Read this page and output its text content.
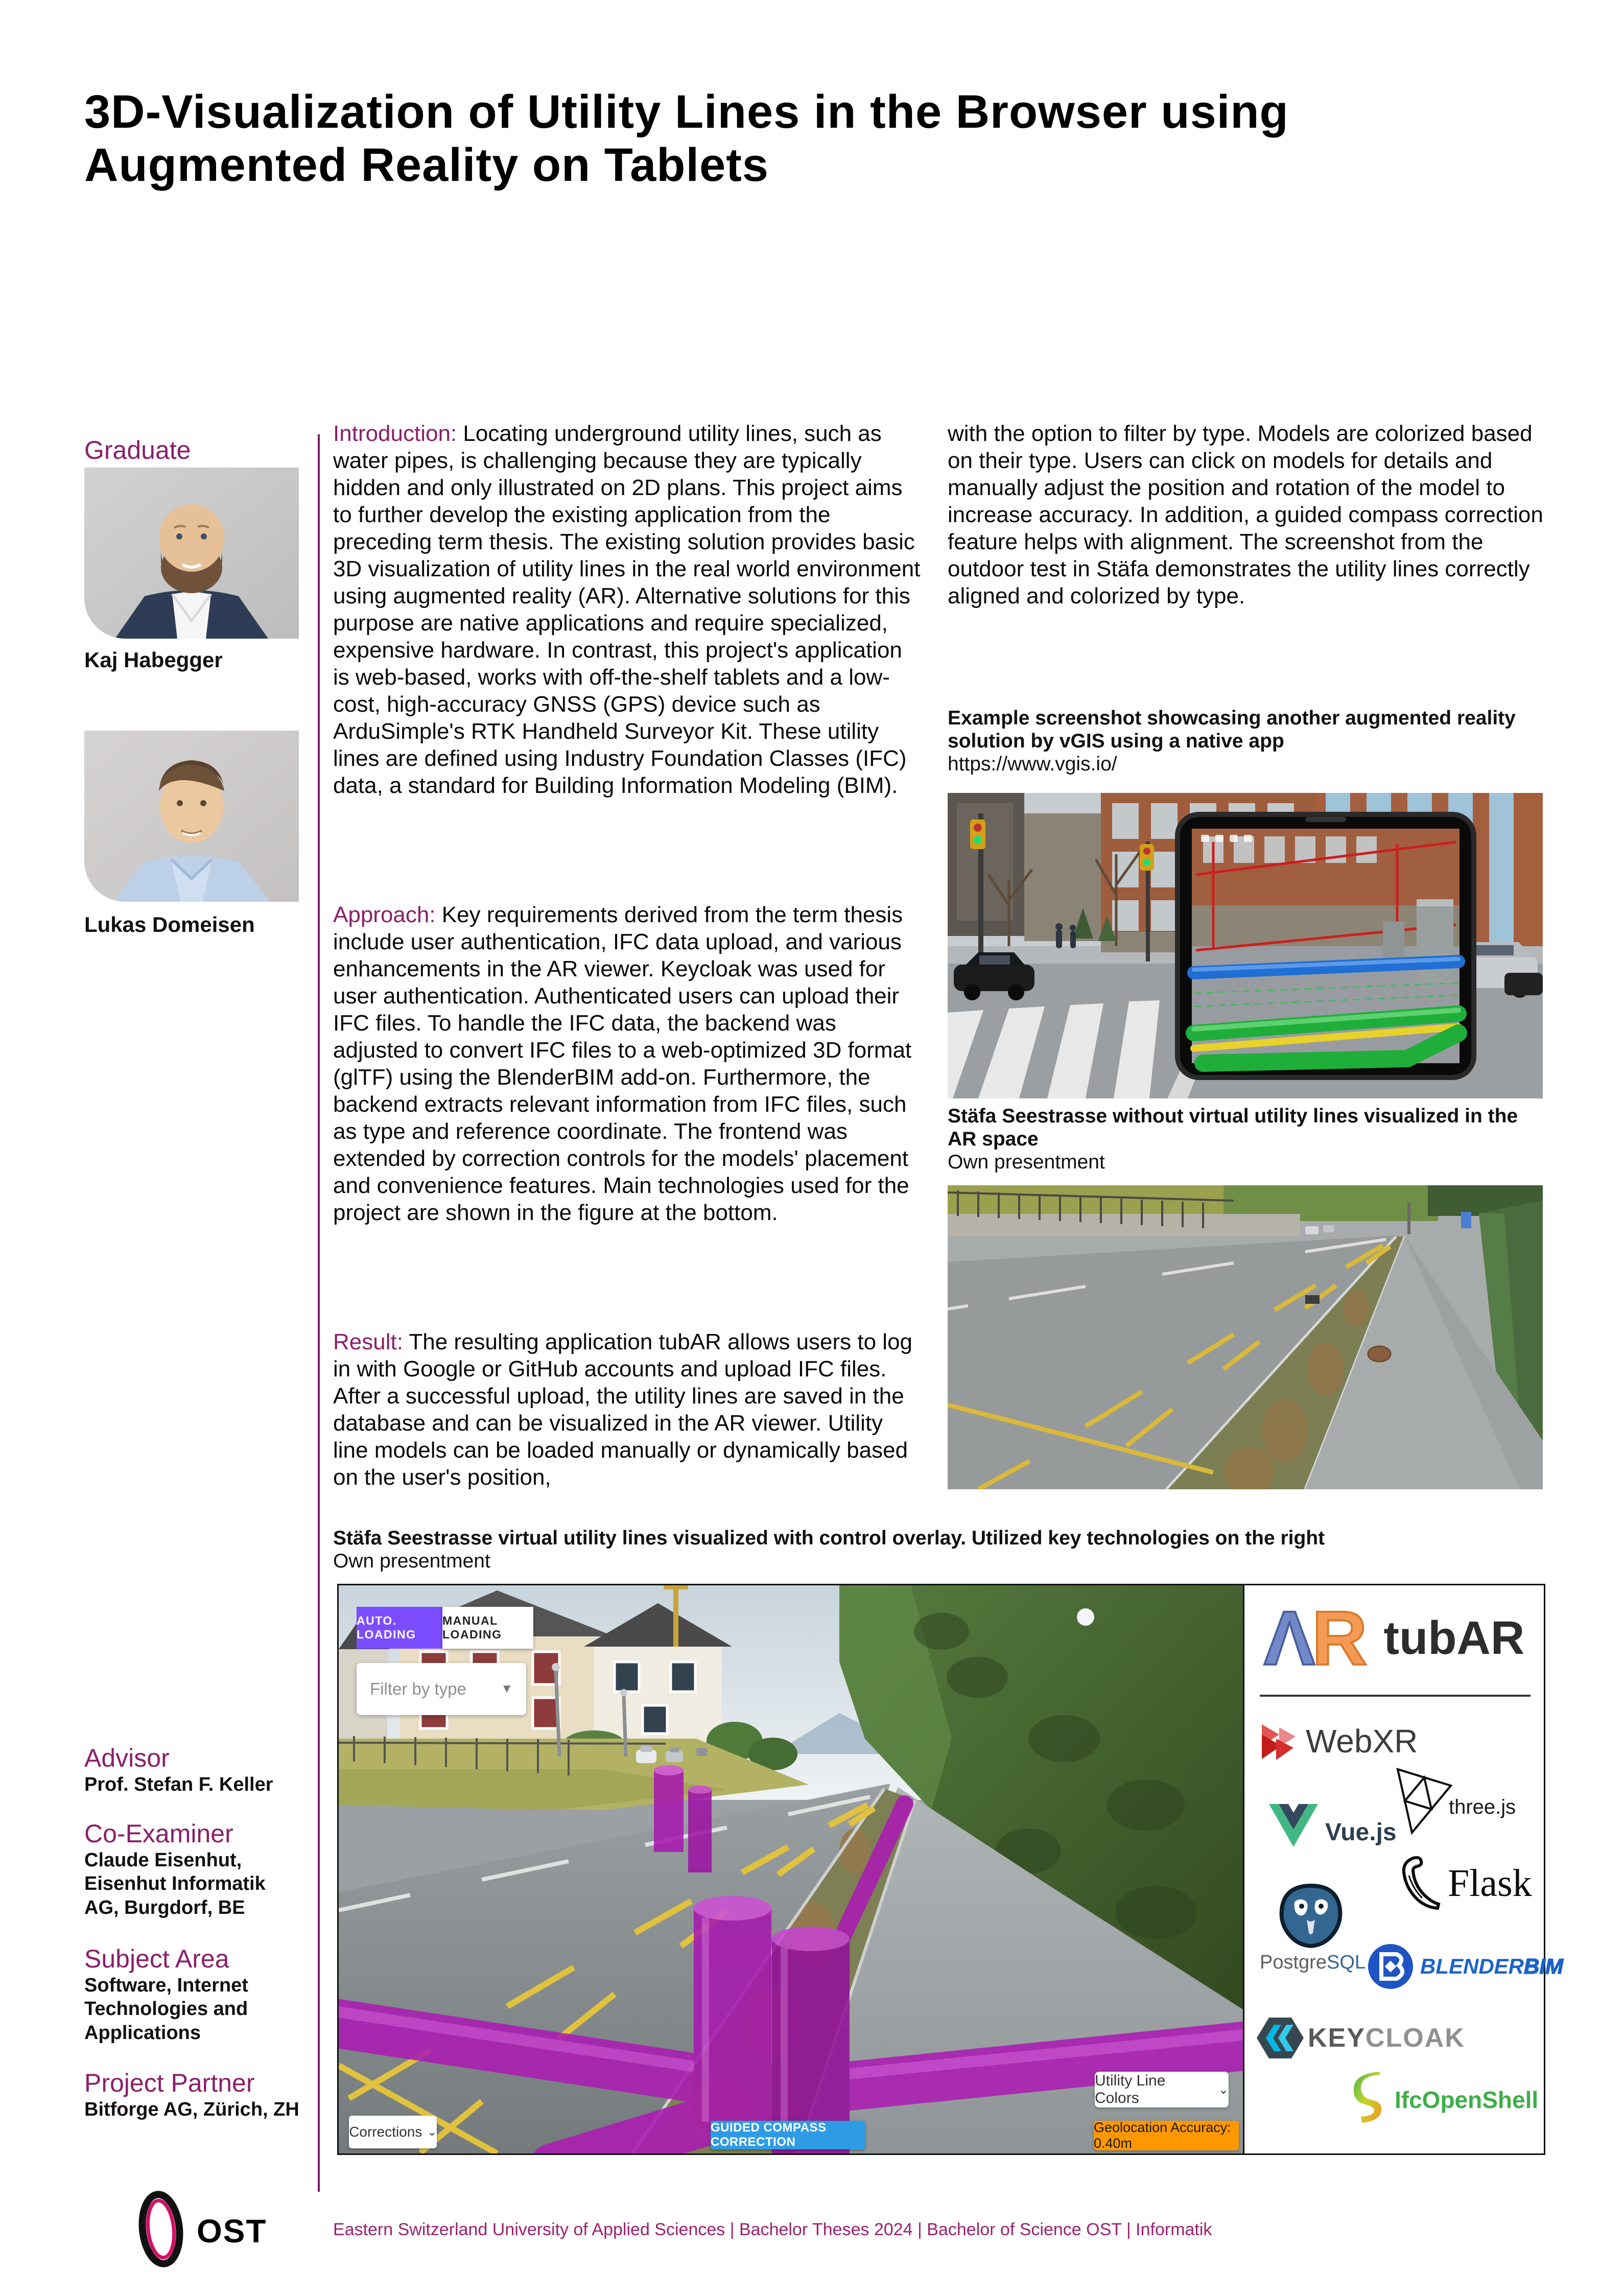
3D-Visualization of Utility Lines in the Browser using Augmented Reality on Tablets
Graduate
Kaj Habegger
Lukas Domeisen
Advisor
Prof. Stefan F. Keller
Co-Examiner
Claude Eisenhut,
Eisenhut Informatik
AG, Burgdorf, BE
Subject Area
Software, Internet
Technologies and
Applications
Project Partner
Bitforge AG, Zürich, ZH

Introduction: Locating underground utility lines, such as water pipes, is challenging because they are typically hidden and only illustrated on 2D plans. This project aims to further develop the existing application from the preceding term thesis. The existing solution provides basic 3D visualization of utility lines in the real world environment using augmented reality (AR). Alternative solutions for this purpose are native applications and require specialized, expensive hardware. In contrast, this project's application is web-based, works with off-the-shelf tablets and a low-cost, high-accuracy GNSS (GPS) device such as ArduSimple's RTK Handheld Surveyor Kit. These utility lines are defined using Industry Foundation Classes (IFC) data, a standard for Building Information Modeling (BIM).

Approach: Key requirements derived from the term thesis include user authentication, IFC data upload, and various enhancements in the AR viewer. Keycloak was used for user authentication. Authenticated users can upload their IFC files. To handle the IFC data, the backend was adjusted to convert IFC files to a web-optimized 3D format (glTF) using the BlenderBIM add-on. Furthermore, the backend extracts relevant information from IFC files, such as type and reference coordinate. The frontend was extended by correction controls for the models' placement and convenience features. Main technologies used for the project are shown in the figure at the bottom.

Result: The resulting application tubAR allows users to log in with Google or GitHub accounts and upload IFC files. After a successful upload, the utility lines are saved in the database and can be visualized in the AR viewer. Utility line models can be loaded manually or dynamically based on the user's position,

with the option to filter by type. Models are colorized based on their type. Users can click on models for details and manually adjust the position and rotation of the model to increase accuracy. In addition, a guided compass correction feature helps with alignment. The screenshot from the outdoor test in Stäfa demonstrates the utility lines correctly aligned and colorized by type.

Example screenshot showcasing another augmented reality solution by vGIS using a native app
https://www.vgis.io/
Stäfa Seestrasse without virtual utility lines visualized in the AR space
Own presentment
Stäfa Seestrasse virtual utility lines visualized with control overlay. Utilized key technologies on the right
Own presentment
AUTO. LOADING
MANUAL LOADING
Filter by type	▼
Corrections ⌄	GUIDED COMPASS CORRECTION
Utility Line Colors	⌄
Geolocation Accuracy: 0.40m
ΛR tubAR
WebXR
three.js
Vue.js
Flask
PostgreSQL	BLENDERBIM
KEYCLOAK
IfcOpenShell
OST	Eastern Switzerland University of Applied Sciences | Bachelor Theses 2024 | Bachelor of Science OST | Informatik
